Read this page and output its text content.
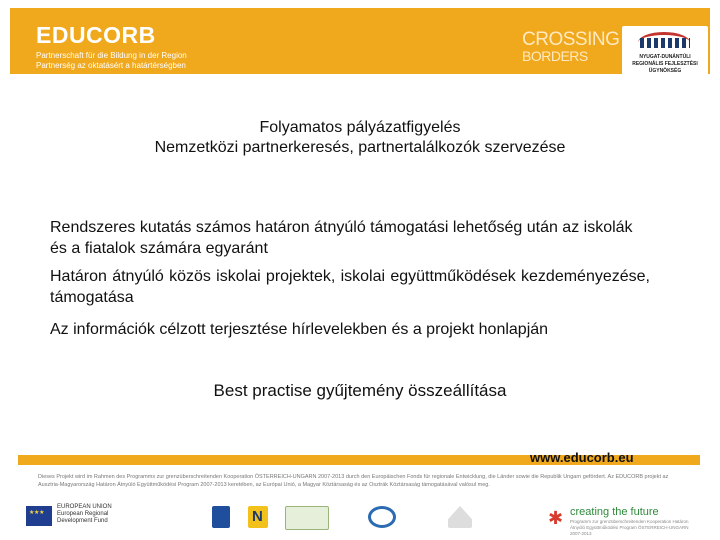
EDUCORB
Partnerschaft für die Bildung in der Region
Partnerség az oktatásért a határtérségben
CROSSING
BORDERS	NYUGAT-DUNÁNTÚLI REGIONÁLIS FEJLESZTÉSI ÜGYNÖKSÉG
Folyamatos pályázatfigyelés
Nemzetközi partnerkeresés, partnertalálkozók szervezése
Rendszeres kutatás számos határon átnyúló támogatási lehetőség után az iskolák és a fiatalok számára egyaránt
Határon átnyúló közös iskolai projektek, iskolai együttműködések kezdeményezése, támogatása
Az információk célzott terjesztése hírlevelekben és a projekt honlapján
Best practise gyűjtemény összeállítása
www.educorb.eu
Dieses Projekt wird im Rahmen des Programms zur grenzüberschreitenden Kooperation ÖSTERREICH-UNGARN 2007-2013 durch den Europäischen Fonds für regionale Entwicklung, die Länder sowie die Republik Ungarn gefördert. Az EDUCORB projekt az Ausztria-Magyarország Határon Átnyúló Együttműködési Program 2007-2013 keretében, az Európai Unió, a Magyar Köztársaság és az Osztrák Köztársaság támogatásával valósul meg.
★ ★ ★
EUROPEAN UNION European Regional Development Fund
N	✱ creating the future
Programm zur grenzüberschreitenden Kooperation Határon Átnyúló Együttműködési Program ÖSTERREICH-UNGARN 2007-2013
